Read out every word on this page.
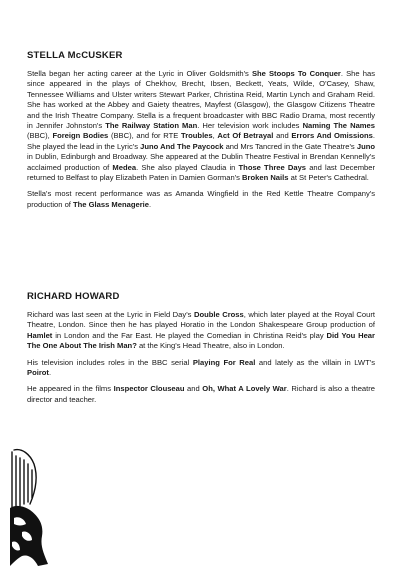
STELLA McCUSKER

Stella began her acting career at the Lyric in Oliver Goldsmith's She Stoops To Conquer. She has since appeared in the plays of Chekhov, Brecht, Ibsen, Beckett, Yeats, Wilde, O'Casey, Shaw, Tennessee Williams and Ulster writers Stewart Parker, Christina Reid, Martin Lynch and Graham Reid. She has worked at the Abbey and Gaiety theatres, Mayfest (Glasgow), the Glasgow Citizens Theatre and the Irish Theatre Company. Stella is a frequent broadcaster with BBC Radio Drama, most recently in Jennifer Johnston's The Railway Station Man. Her television work includes Naming The Names (BBC), Foreign Bodies (BBC), and for RTE Troubles, Act Of Betrayal and Errors And Omissions. She played the lead in the Lyric's Juno And The Paycock and Mrs Tancred in the Gate Theatre's Juno in Dublin, Edinburgh and Broadway. She appeared at the Dublin Theatre Festival in Brendan Kennelly's acclaimed production of Medea. She also played Claudia in Those Three Days and last December returned to Belfast to play Elizabeth Paten in Damien Gorman's Broken Nails at St Peter's Cathedral.

Stella's most recent performance was as Amanda Wingfield in the Red Kettle Theatre Company's production of The Glass Menagerie.

RICHARD HOWARD

Richard was last seen at the Lyric in Field Day's Double Cross, which later played at the Royal Court Theatre, London. Since then he has played Horatio in the London Shakespeare Group production of Hamlet in London and the Far East. He played the Comedian in Christina Reid's play Did You Hear The One About The Irish Man? at the King's Head Theatre, also in London.

His television includes roles in the BBC serial Playing For Real and lately as the villain in LWT's Poirot.

He appeared in the films Inspector Clouseau and Oh, What A Lovely War. Richard is also a theatre director and teacher.
